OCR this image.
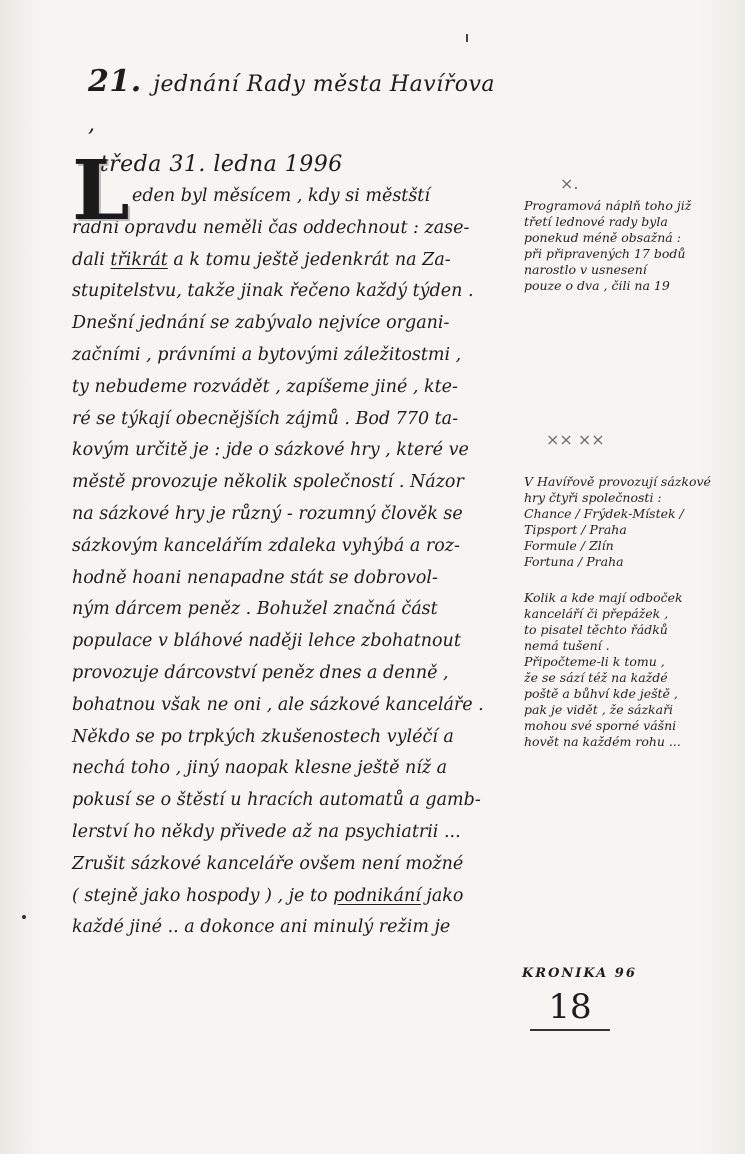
21. jednání Rady města Havířova ,
středa 31. ledna 1996
L eden byl měsícem , kdy si městští
radní opravdu neměli čas oddechnout : zase-
dali třikrát a k tomu ještě jedenkrát na Za-
stupitelstvu, takže jinak řečeno každý týden .
Dnešní jednání se zabývalo nejvíce organi-
začními , právními a bytovými záležitostmi ,
ty nebudeme rozvádět , zapíšeme jiné , kte-
ré se týkají obecnějších zájmů . Bod 770 ta-
kovým určitě je : jde o sázkové hry , které ve
městě provozuje několik společností . Názor
na sázkové hry je různý - rozumný člověk se
sázkovým kancelářím zdaleka vyhýbá a roz-
hodně hoani nenapadne stát se dobrovol-
ným dárcem peněz . Bohužel značná část
populace v bláhové naději lehce zbohatnout
provozuje dárcovství peněz dnes a denně ,
bohatnou však ne oni , ale sázkové kanceláře .
Někdo se po trpkých zkušenostech vyléčí a
nechá toho , jiný naopak klesne ještě níž a
pokusí se o štěstí u hracích automatů a gamb-
lerství ho někdy přivede až na psychiatrii ...
Zrušit sázkové kanceláře ovšem není možné
( stejně jako hospody ) , je to podnikání jako
každé jiné .. a dokonce ani minulý režim je
×.
Programová náplň toho již
třetí lednové rady byla
ponekud méně obsažná :
při připravených 17 bodů
narostlo v usnesení
pouze o dva , čili na 19
×× ××
V Havířově provozují sázkové
hry čtyři společnosti :
Chance / Frýdek-Místek /
Tipsport / Praha
Formule / Zlín
Fortuna / Praha
Kolik a kde mají odboček
kanceláří či přepážek ,
to pisatel těchto řádků
nemá tušení .
Připočteme-li k tomu ,
že se sází též na každé
poště a bůhví kde ještě ,
pak je vidět , že sázkaři
mohou své sporné vášni
hovět na každém rohu ...
KRONIKA 96
18
